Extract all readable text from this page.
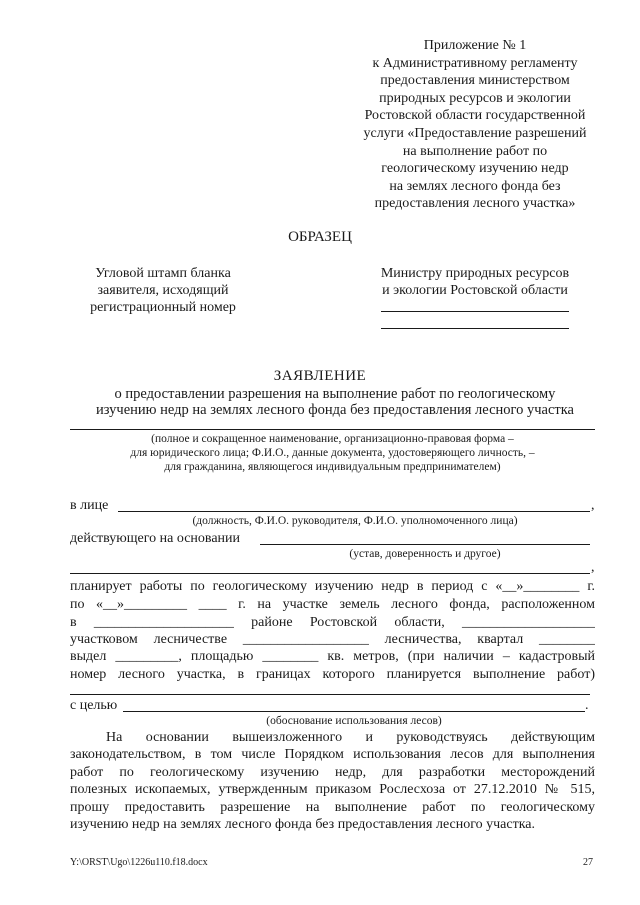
Приложение № 1
к Административному регламенту
предоставления министерством
природных ресурсов и экологии
Ростовской области государственной
услуги «Предоставление разрешений
на выполнение работ по
геологическому изучению недр
на землях лесного фонда без
предоставления лесного участка»
ОБРАЗЕЦ
Угловой штамп бланка
заявителя, исходящий
регистрационный номер
Министру природных ресурсов
и экологии Ростовской области
ЗАЯВЛЕНИЕ
о предоставлении разрешения на выполнение работ по геологическому
изучению недр на землях лесного фонда без предоставления лесного участка
(полное и сокращенное наименование, организационно-правовая форма –
для юридического лица; Ф.И.О., данные документа, удостоверяющего личность, –
для гражданина, являющегося индивидуальным предпринимателем)
в лице	,
(должность, Ф.И.О. руководителя, Ф.И.О. уполномоченного лица)
действующего на основании
(устав, доверенность и другое)
,
планирует работы по геологическому изучению недр в период с «__»________ г.
по «__»_________ ____ г. на участке земель лесного фонда, расположенном
в ____________________ районе Ростовской области, ___________________
участковом лесничестве __________________ лесничества, квартал ________
выдел _________, площадью ________ кв. метров, (при наличии – кадастровый
номер лесного участка, в границах которого планируется выполнение работ)
с целью	.
(обоснование использования лесов)
На основании вышеизложенного и руководствуясь действующим
законодательством, в том числе Порядком использования лесов для выполнения
работ по геологическому изучению недр, для разработки месторождений
полезных ископаемых, утвержденным приказом Рослесхоза от 27.12.2010 № 515,
прошу предоставить разрешение на выполнение работ по геологическому
изучению недр на землях лесного фонда без предоставления лесного участка.
Y:\ORST\Ugo\1226u110.f18.docx	27
